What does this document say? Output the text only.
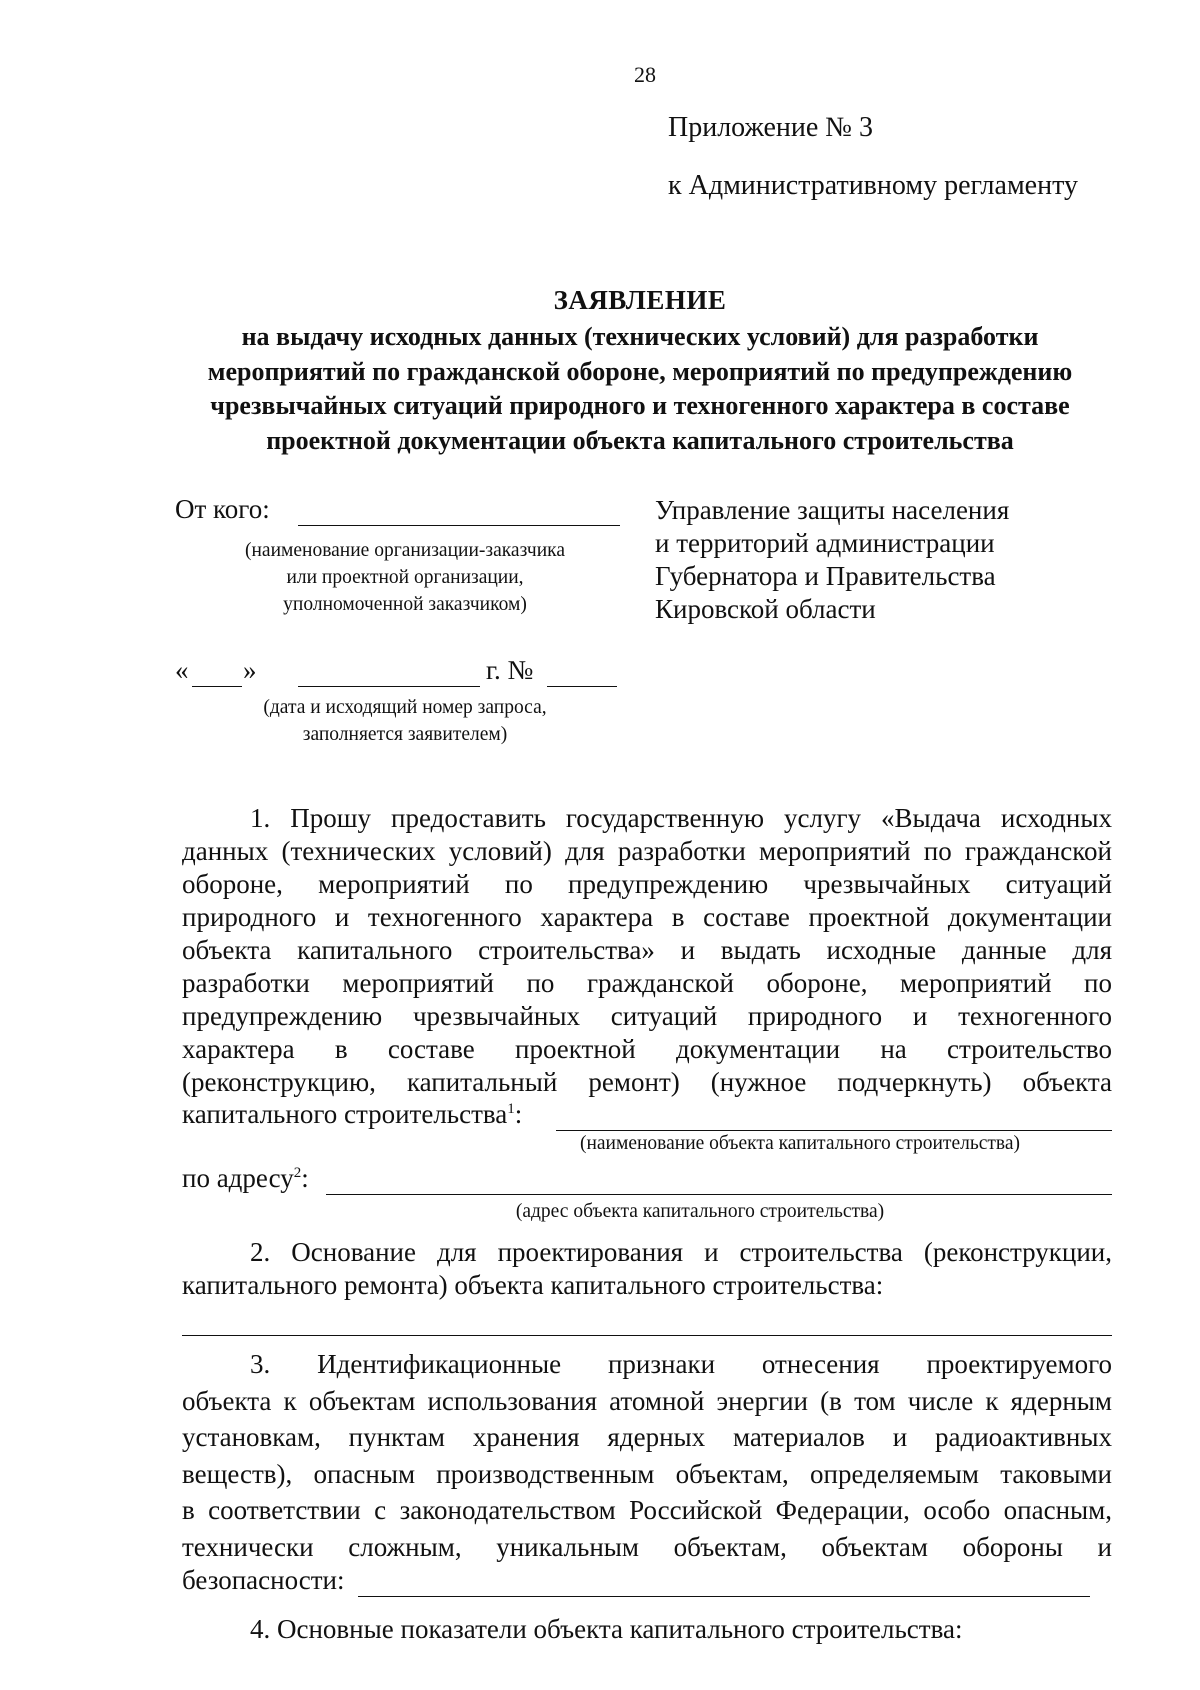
28
Приложение № 3
к Административному регламенту
ЗАЯВЛЕНИЕ
на выдачу исходных данных (технических условий) для разработки
мероприятий по гражданской обороне, мероприятий по предупреждению
чрезвычайных ситуаций природного и техногенного характера в составе
проектной документации объекта капитального строительства
От кого:
(наименование организации-заказчика
или проектной организации,
уполномоченной заказчиком)
Управление защиты населения
и территорий администрации
Губернатора и Правительства
Кировской области
« »	г. №
(дата и исходящий номер запроса,
заполняется заявителем)
1. Прошу предоставить государственную услугу «Выдача исходных
данных (технических условий) для разработки мероприятий по гражданской
обороне, мероприятий по предупреждению чрезвычайных ситуаций
природного и техногенного характера в составе проектной документации
объекта капитального строительства» и выдать исходные данные для
разработки мероприятий по гражданской обороне, мероприятий по
предупреждению чрезвычайных ситуаций природного и техногенного
характера в составе проектной документации на строительство
(реконструкцию, капитальный ремонт) (нужное подчеркнуть) объекта
капитального строительства$^1$:
(наименование объекта капитального строительства)
по адресу$^2$:
(адрес объекта капитального строительства)
2. Основание для проектирования и строительства (реконструкции,
капитального ремонта) объекта капитального строительства:
3. Идентификационные признаки отнесения проектируемого
объекта к объектам использования атомной энергии (в том числе к ядерным
установкам, пунктам хранения ядерных материалов и радиоактивных
веществ), опасным производственным объектам, определяемым таковыми
в соответствии с законодательством Российской Федерации, особо опасным,
технически сложным, уникальным объектам, объектам обороны и
безопасности:
4. Основные показатели объекта капитального строительства:
